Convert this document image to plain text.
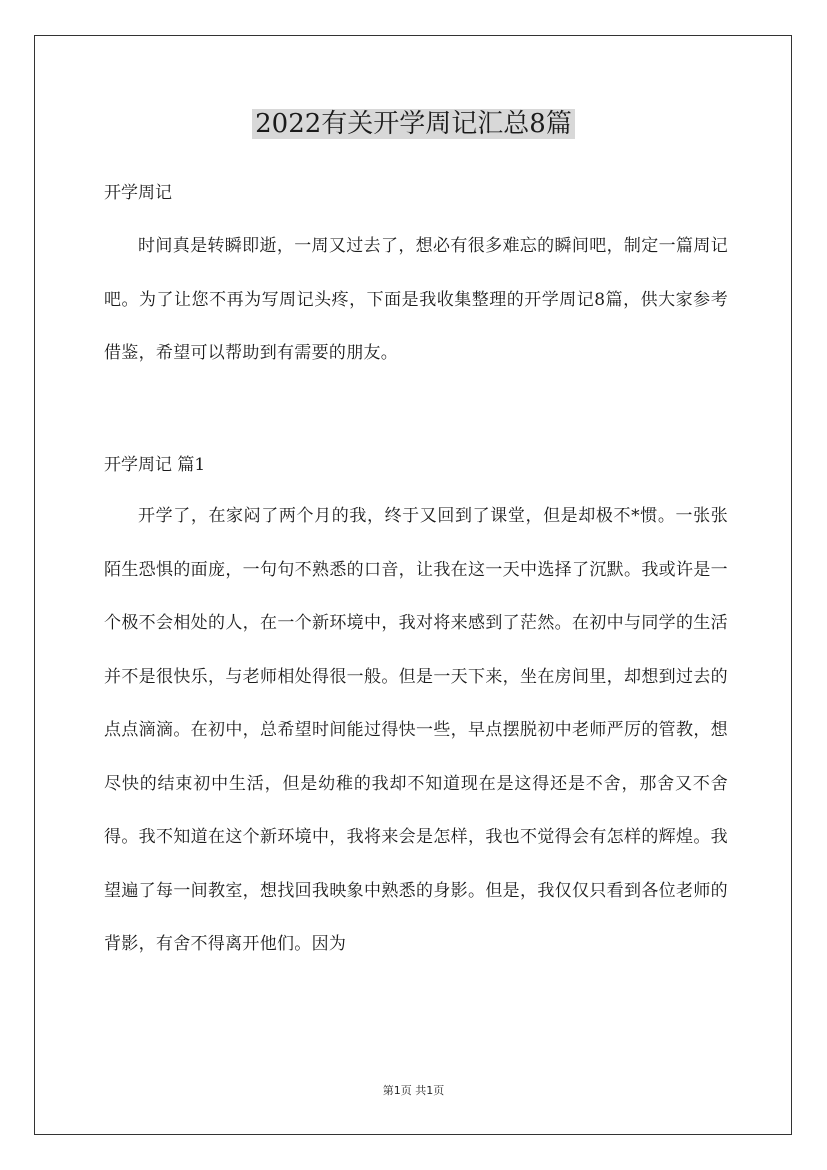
2022有关开学周记汇总8篇
开学周记
时间真是转瞬即逝，一周又过去了，想必有很多难忘的瞬间吧，制定一篇周记吧。为了让您不再为写周记头疼，下面是我收集整理的开学周记8篇，供大家参考借鉴，希望可以帮助到有需要的朋友。
开学周记 篇1
开学了，在家闷了两个月的我，终于又回到了课堂，但是却极不*惯。一张张陌生恐惧的面庞，一句句不熟悉的口音，让我在这一天中选择了沉默。我或许是一个极不会相处的人，在一个新环境中，我对将来感到了茫然。在初中与同学的生活并不是很快乐，与老师相处得很一般。但是一天下来，坐在房间里，却想到过去的点点滴滴。在初中，总希望时间能过得快一些，早点摆脱初中老师严厉的管教，想尽快的结束初中生活，但是幼稚的我却不知道现在是这得还是不舍，那舍又不舍得。我不知道在这个新环境中，我将来会是怎样，我也不觉得会有怎样的辉煌。我望遍了每一间教室，想找回我映象中熟悉的身影。但是，我仅仅只看到各位老师的背影，有舍不得离开他们。因为
第1页 共1页
